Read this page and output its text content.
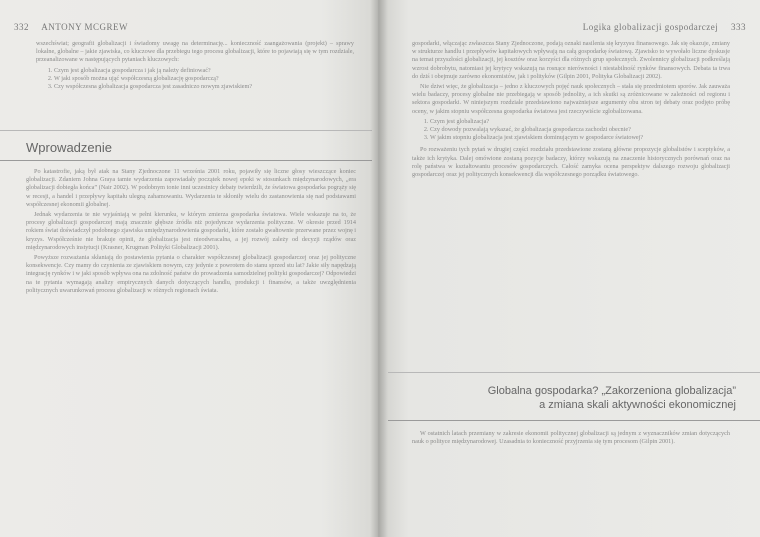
332 ANTONY MCGREW

wszechświat; geografii globalizacji i świadomy uwagę na determinację... konieczność zaangażowania (projekt) – sprawy lokalne, globalne – jakie zjawiska, co kluczowe dla przebiegu tego procesu globalizacji, które to pojawiają się w tym rozdziale, przeanalizowane w następujących pytaniach kluczowych:

1. Czym jest globalizacja gospodarcza i jak ją należy definiować?
2. W jaki sposób można ująć współczesną globalizację gospodarczą?
3. Czy współczesna globalizacja gospodarcza jest zasadniczo nowym zjawiskiem?
Wprowadzenie

Po katastrofie, jaką był atak na Stany Zjednoczone 11 września 2001 roku, pojawiły się liczne głosy wieszczące koniec globalizacji. Zdaniem Johna Graya tamte wydarzenia zapowiadały początek nowej epoki w stosunkach międzynarodowych, „era globalizacji dobiegła końca” (Nair 2002). W podobnym tonie inni uczestnicy debaty twierdzili, że światowa gospodarka pogrąży się w recesji, a handel i przepływy kapitału ulegną zahamowaniu. Wydarzenia te skłoniły wielu do zastanowienia się nad podstawami współczesnej ekonomii globalnej.

Jednak wydarzenia te nie wyjaśniają w pełni kierunku, w którym zmierza gospodarka światowa. Wiele wskazuje na to, że procesy globalizacji gospodarczej mają znacznie głębsze źródła niż pojedyncze wydarzenia polityczne. W okresie przed 1914 rokiem świat doświadczył podobnego zjawiska umiędzynarodowienia gospodarki, które zostało gwałtownie przerwane przez wojnę i kryzys. Współcześnie nie brakuje opinii, że globalizacja jest nieodwracalna, a jej rozwój zależy od decyzji rządów oraz międzynarodowych instytucji (Krasner, Krugman Polityki Globalizacji 2001).

Powyższe rozważania skłaniają do postawienia pytania o charakter współczesnej globalizacji gospodarczej oraz jej polityczne konsekwencje. Czy mamy do czynienia ze zjawiskiem nowym, czy jedynie z powrotem do stanu sprzed stu lat? Jakie siły napędzają integrację rynków i w jaki sposób wpływa ona na zdolność państw do prowadzenia samodzielnej polityki gospodarczej? Odpowiedzi na te pytania wymagają analizy empirycznych danych dotyczących handlu, produkcji i finansów, a także uwzględnienia politycznych uwarunkowań procesu globalizacji w różnych regionach świata.

Logika globalizacji gospodarczej 333

gospodarki, włączając zwłaszcza Stany Zjednoczone, podają oznaki nasilenia się kryzysu finansowego. Jak się okazuje, zmiany w strukturze handlu i przepływów kapitałowych wpływają na całą gospodarkę światową. Zjawisko to wywołało liczne dyskusje na temat przyszłości globalizacji, jej kosztów oraz korzyści dla różnych grup społecznych. Zwolennicy globalizacji podkreślają wzrost dobrobytu, natomiast jej krytycy wskazują na rosnące nierówności i niestabilność rynków finansowych. Debata ta trwa do dziś i obejmuje zarówno ekonomistów, jak i polityków (Gilpin 2001, Polityka Globalizacji 2002).

Nie dziwi więc, że globalizacja – jedno z kluczowych pojęć nauk społecznych – stała się przedmiotem sporów. Jak zauważa wielu badaczy, procesy globalne nie przebiegają w sposób jednolity, a ich skutki są zróżnicowane w zależności od regionu i sektora gospodarki. W niniejszym rozdziale przedstawiono najważniejsze argumenty obu stron tej debaty oraz podjęto próbę oceny, w jakim stopniu współczesna gospodarka światowa jest rzeczywiście zglobalizowana.

1. Czym jest globalizacja?
2. Czy dowody pozwalają wykazać, że globalizacja gospodarcza zachodzi obecnie?
3. W jakim stopniu globalizacja jest zjawiskiem dominującym w gospodarce światowej?

Po rozważeniu tych pytań w drugiej części rozdziału przedstawione zostaną główne propozycje globalistów i sceptyków, a także ich krytyka. Dalej omówione zostaną pozycje badaczy, którzy wskazują na znaczenie historycznych porównań oraz na rolę państwa w kształtowaniu procesów gospodarczych. Całość zamyka ocena perspektyw dalszego rozwoju globalizacji gospodarczej oraz jej politycznych konsekwencji dla współczesnego porządku światowego.

Globalna gospodarka? „Zakorzeniona globalizacja”
a zmiana skali aktywności ekonomicznej

W ostatnich latach przemiany w zakresie ekonomii politycznej globalizacji są jednym z wyznaczników zmian dotyczących nauk o polityce międzynarodowej. Uzasadnia to konieczność przyjrzenia się tym procesom (Gilpin 2001).
